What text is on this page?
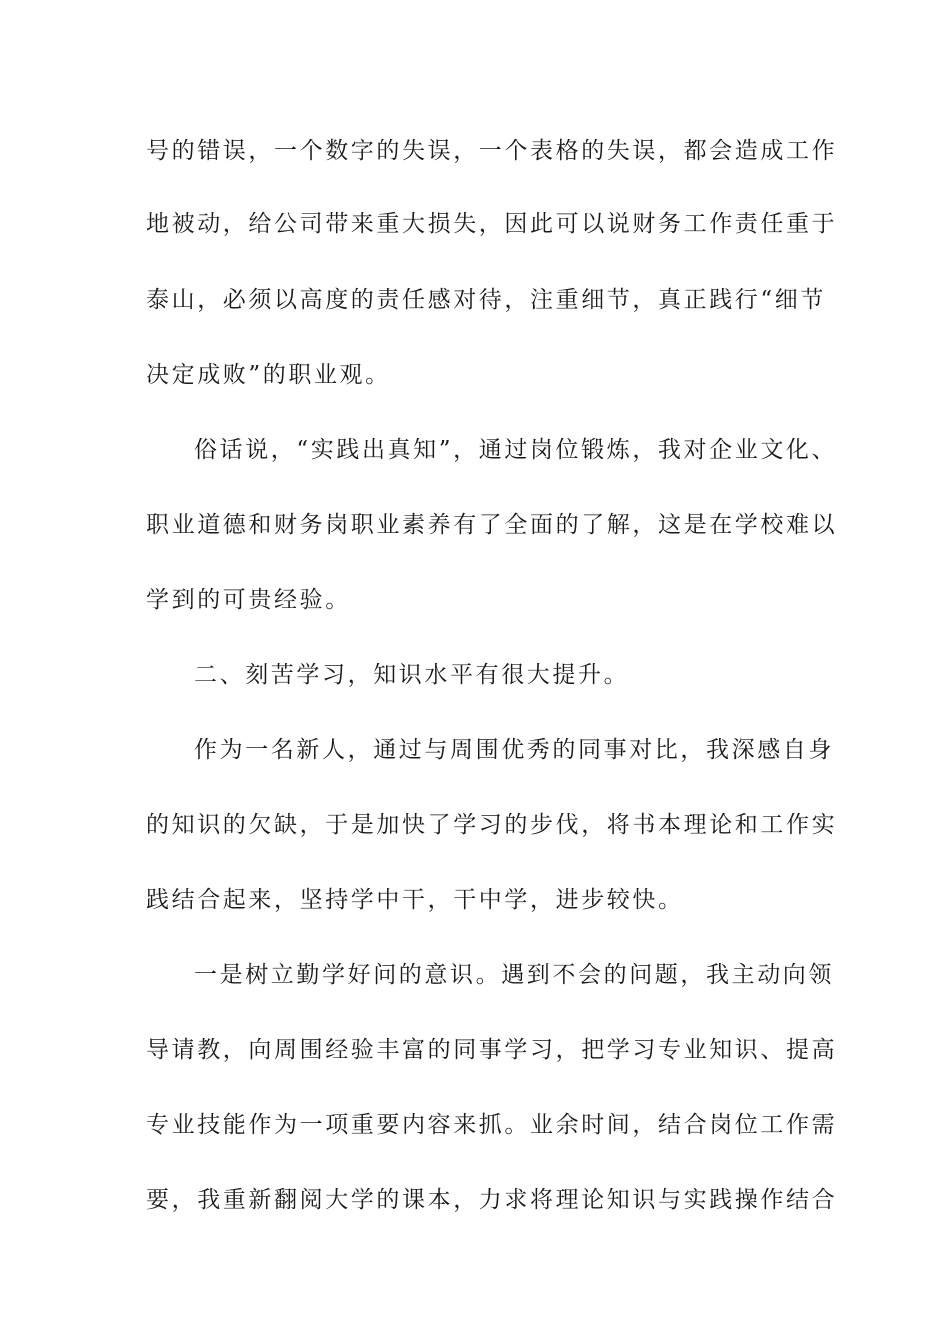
号的错误，一个数字的失误，一个表格的失误，都会造成工作
地被动，给公司带来重大损失，因此可以说财务工作责任重于
泰山，必须以高度的责任感对待，注重细节，真正践行“细节
决定成败”的职业观。
俗话说，“实践出真知”，通过岗位锻炼，我对企业文化、
职业道德和财务岗职业素养有了全面的了解，这是在学校难以
学到的可贵经验。
二、刻苦学习，知识水平有很大提升。
作为一名新人，通过与周围优秀的同事对比，我深感自身
的知识的欠缺，于是加快了学习的步伐，将书本理论和工作实
践结合起来，坚持学中干，干中学，进步较快。
一是树立勤学好问的意识。遇到不会的问题，我主动向领
导请教，向周围经验丰富的同事学习，把学习专业知识、提高
专业技能作为一项重要内容来抓。业余时间，结合岗位工作需
要，我重新翻阅大学的课本，力求将理论知识与实践操作结合
